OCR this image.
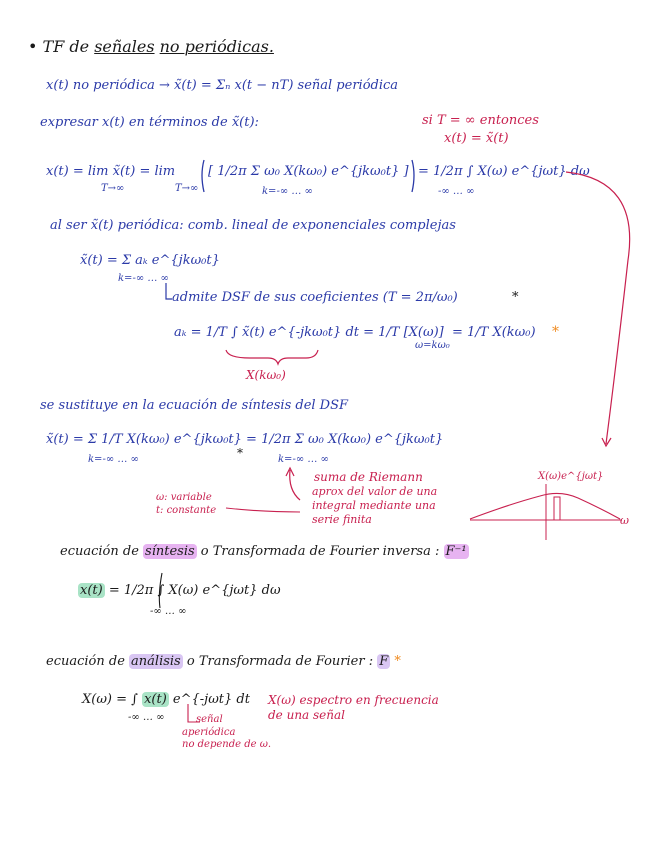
• TF de señales no periódicas.
x(t) no periódica → x̃(t) = Σₙ x(t − nT) señal periódica
expresar x(t) en términos de x̃(t):	si T = ∞ entonces
x(t) = x̃(t)
x(t) = lim x̃(t) = lim
T→∞	T→∞
[ 1/2π Σ ω₀ X(kω₀) e^{jkω₀t} ]
k=-∞ … ∞
= 1/2π ∫ X(ω) e^{jωt} dω
-∞ … ∞
al ser x̃(t) periódica: comb. lineal de exponenciales complejas
x̃(t) = Σ aₖ e^{jkω₀t}
k=-∞ … ∞
admite DSF de sus coeficientes (T = 2π/ω₀)	*
aₖ = 1/T ∫ x̃(t) e^{-jkω₀t} dt = 1/T [X(ω)]
ω=kω₀
= 1/T X(kω₀) *
X(kω₀)
se sustituye en la ecuación de síntesis del DSF
x̃(t) = Σ 1/T X(kω₀) e^{jkω₀t} = 1/2π Σ ω₀ X(kω₀) e^{jkω₀t}
k=-∞ … ∞	k=-∞ … ∞
*
suma de Riemann
aprox del valor de una
integral mediante una
serie finita
ω: variable
t: constante
X(ω)e^{jωt}
ω
ecuación de síntesis o Transformada de Fourier inversa : F⁻¹
x(t) = 1/2π ∫ X(ω) e^{jωt} dω
-∞ … ∞
ecuación de análisis o Transformada de Fourier : F *
X(ω) = ∫ x(t) e^{-jωt} dt
-∞ … ∞
X(ω) espectro en frecuencia
de una señal
señal
aperiódica
no depende de ω.
